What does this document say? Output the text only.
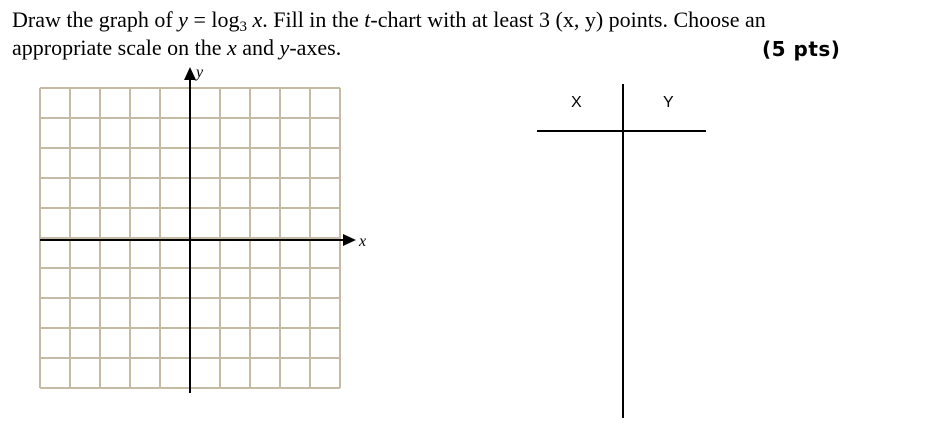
Draw the graph of $y = \log_3 x$. Fill in the t-chart with at least 3 (x, y) points. Choose an
appropriate scale on the x and y-axes.	(5 pts)
x
y
X	Y
